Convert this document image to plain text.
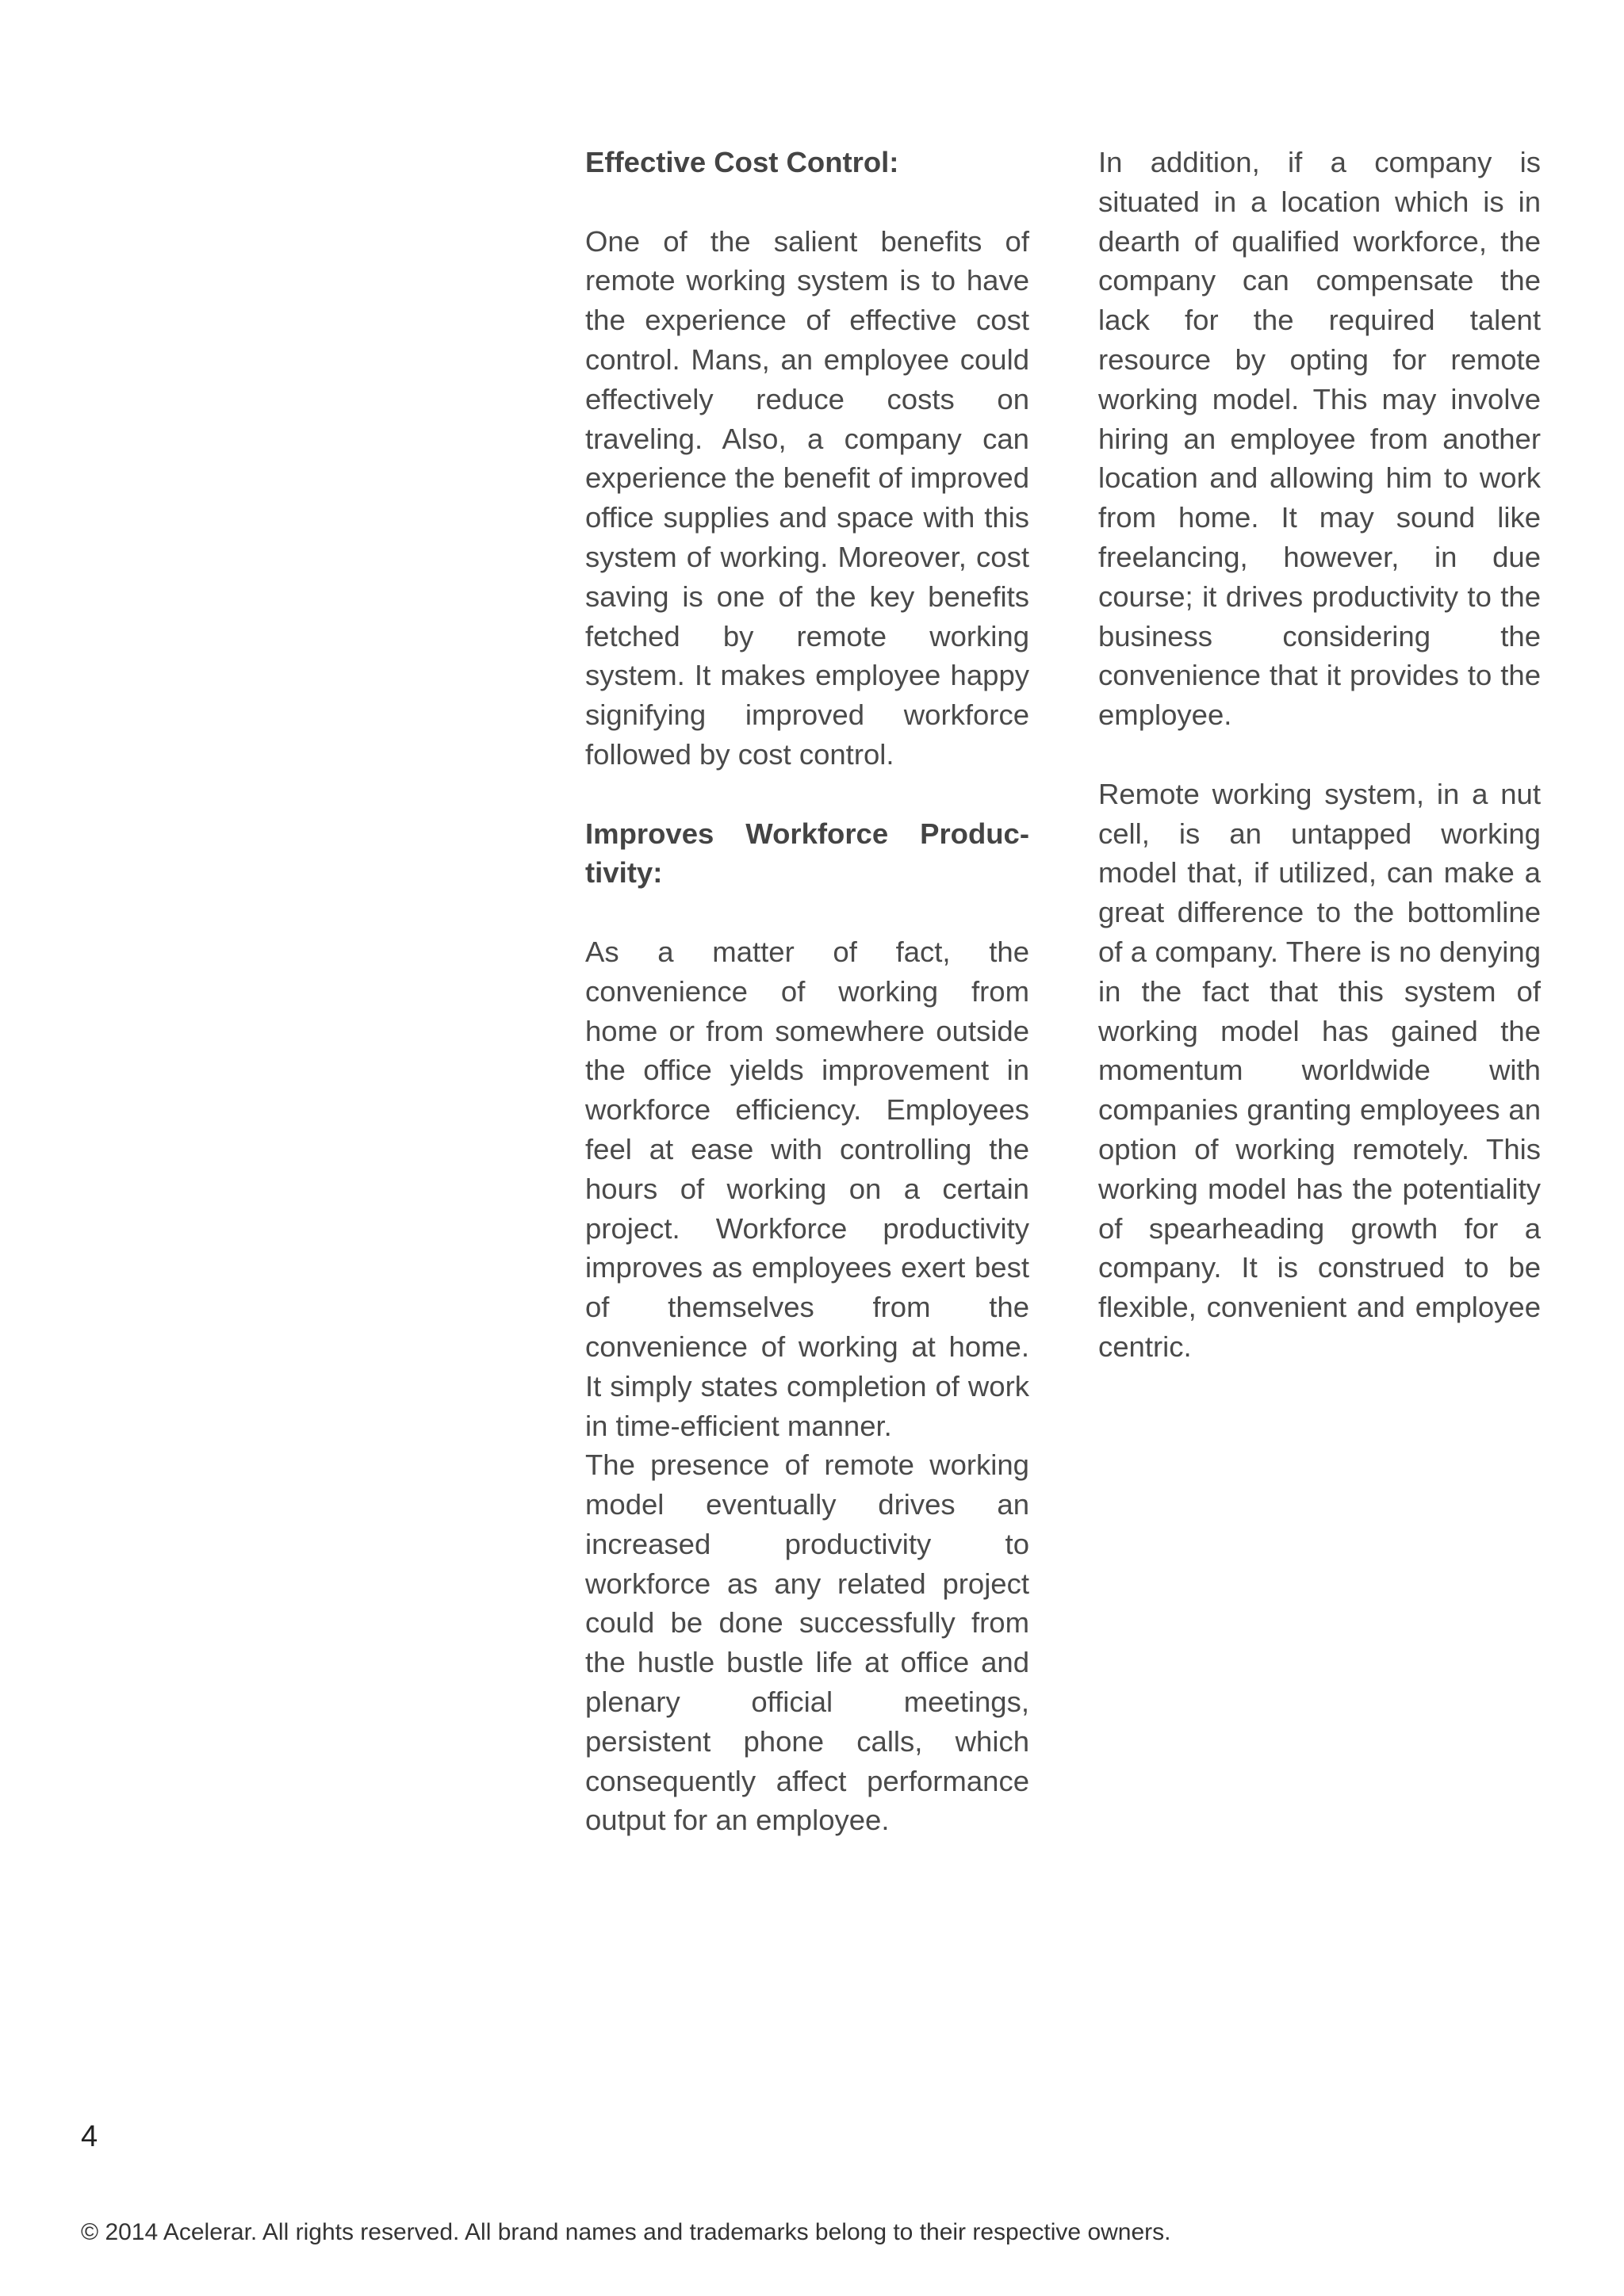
Effective Cost Control:

One of the salient benefits of remote working system is to have the experience of effective cost control. Mans, an employee could effectively reduce costs on traveling. Also, a company can experience the benefit of improved office supplies and space with this system of working. Moreover, cost saving is one of the key benefits fetched by remote working system. It makes employee happy signifying improved workforce followed by cost control.

Improves Workforce Produc-tivity:

As a matter of fact, the convenience of working from home or from somewhere outside the office yields improvement in workforce efficiency. Employees feel at ease with controlling the hours of working on a certain project. Workforce productivity improves as employees exert best of themselves from the convenience of working at home. It simply states completion of work in time-efficient manner.

The presence of remote working model eventually drives an increased productivity to workforce as any related project could be done successfully from the hustle bustle life at office and plenary official meetings, persistent phone calls, which consequently affect performance output for an employee.

In addition, if a company is situated in a location which is in dearth of qualified workforce, the company can compensate the lack for the required talent resource by opting for remote working model. This may involve hiring an employee from another location and allowing him to work from home. It may sound like freelancing, however, in due course; it drives productivity to the business considering the convenience that it provides to the employee.

Remote working system, in a nut cell, is an untapped working model that, if utilized, can make a great difference to the bottomline of a company. There is no denying in the fact that this system of working model has gained the momentum worldwide with companies granting employees an option of working remotely. This working model has the potentiality of spearheading growth for a company. It is construed to be flexible, convenient and employee centric.

4
© 2014 Acelerar. All rights reserved. All brand names and trademarks belong to their respective owners.
